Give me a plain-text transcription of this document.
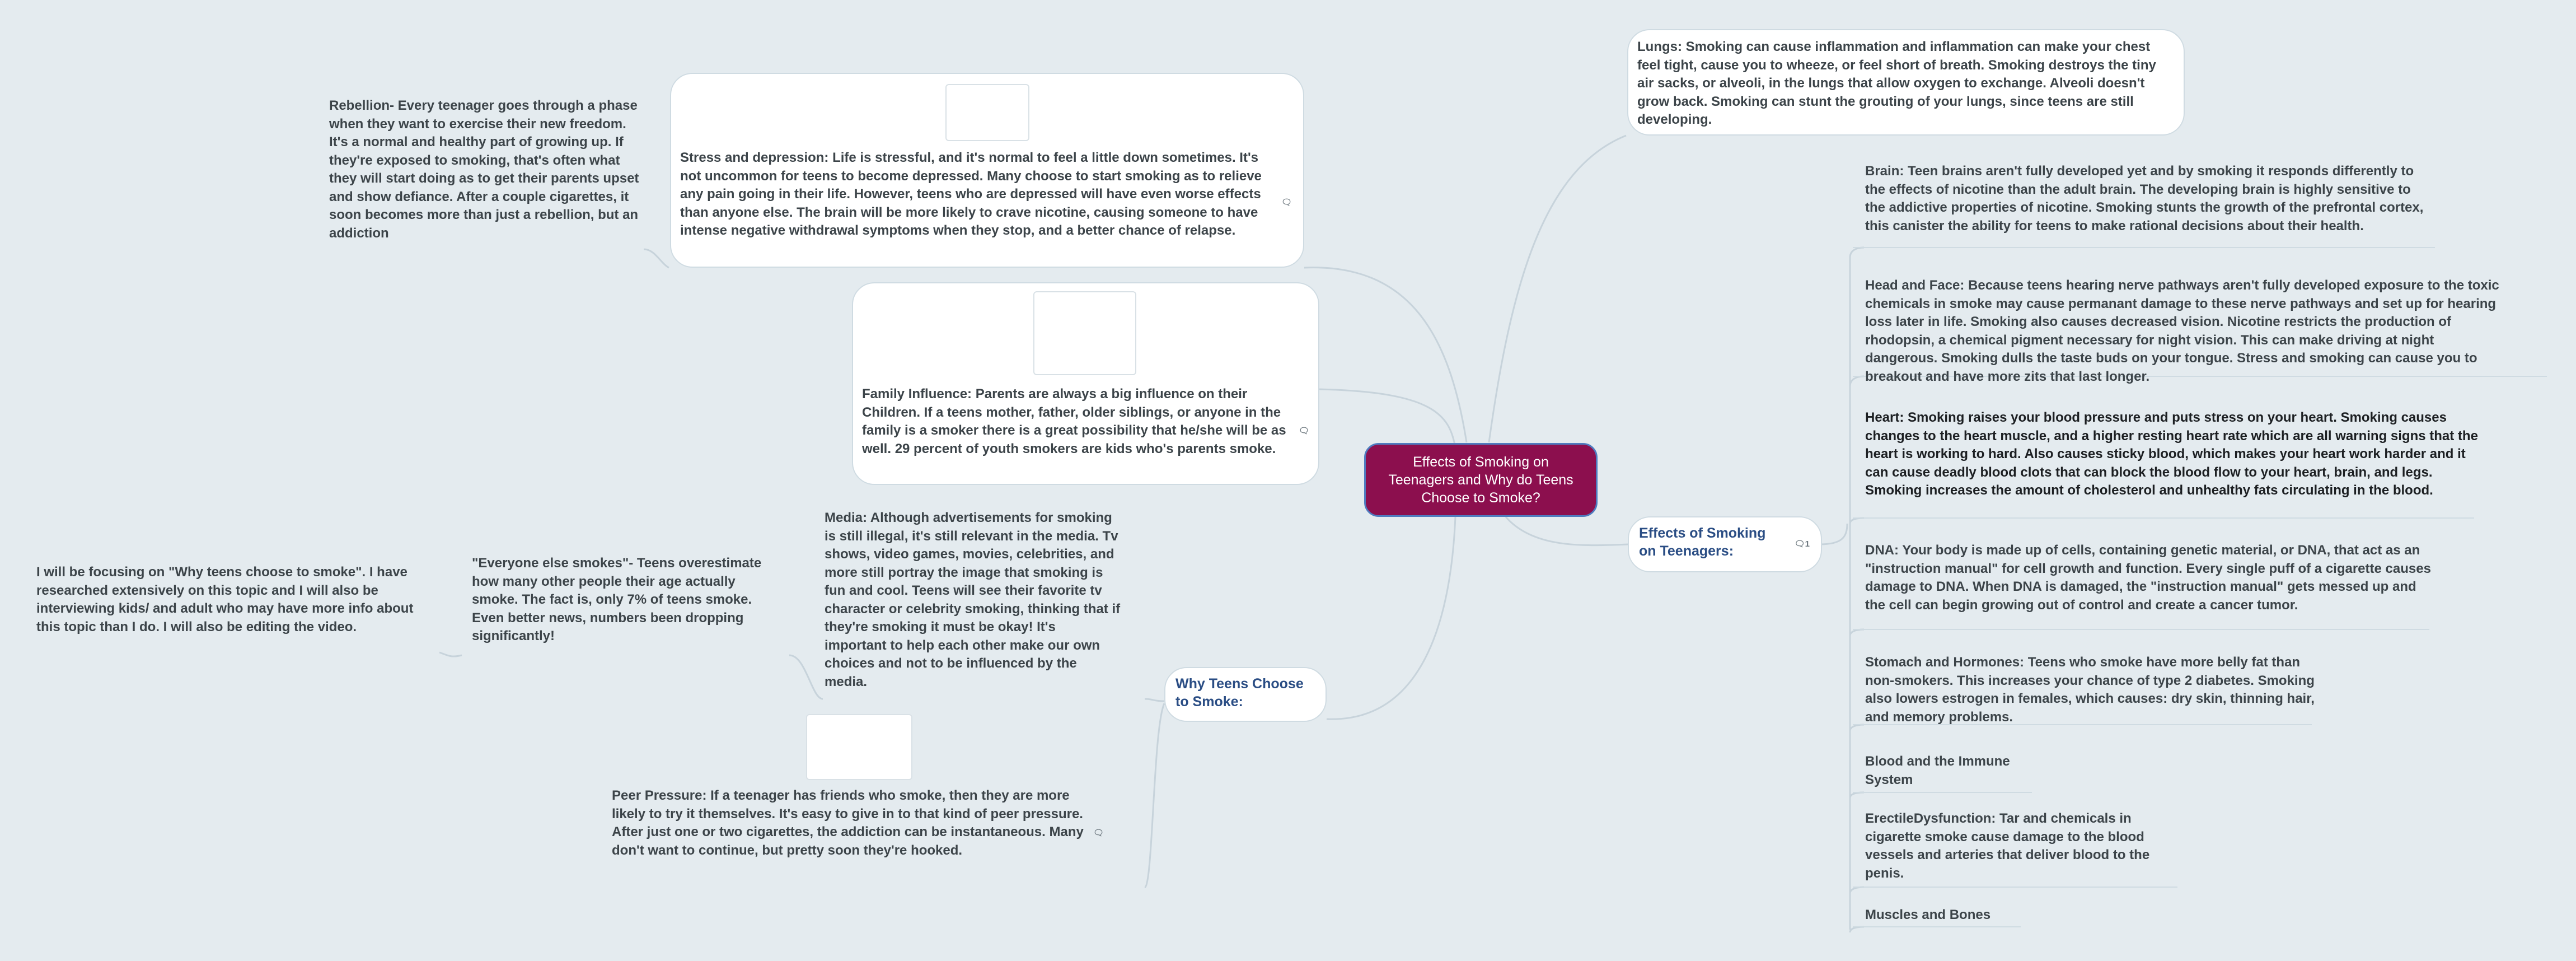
Effects of Smoking on Teenagers and Why do Teens Choose to Smoke?

Lungs: Smoking can cause inflammation and inflammation can make your chest feel tight, cause you to wheeze, or feel short of breath. Smoking destroys the tiny air sacks, or alveoli, in the lungs that allow oxygen to exchange. Alveoli doesn't grow back. Smoking can stunt the grouting of your lungs, since teens are still developing.

Effects of Smoking on Teenagers:	🗨1

Brain: Teen brains aren't fully developed yet and by smoking it responds differently to the effects of nicotine than the adult brain. The developing brain is highly sensitive to the addictive properties of nicotine. Smoking stunts the growth of the prefrontal cortex, this canister the ability for teens to make rational decisions about their health.

Head and Face: Because teens hearing nerve pathways aren't fully developed exposure to the toxic chemicals in smoke may cause permanant damage to these nerve pathways and set up for hearing loss later in life. Smoking also causes decreased vision. Nicotine restricts the production of rhodopsin, a chemical pigment necessary for night vision. This can make driving at night dangerous. Smoking dulls the taste buds on your tongue. Stress and smoking can cause you to breakout and have more zits that last longer.

Heart: Smoking raises your blood pressure and puts stress on your heart. Smoking causes changes to the heart muscle, and a higher resting heart rate which are all warning signs that the heart is working to hard. Also causes sticky blood, which makes your heart work harder and it can cause deadly blood clots that can block the blood flow to your heart, brain, and legs. Smoking increases the amount of cholesterol and unhealthy fats circulating in the blood.

DNA: Your body is made up of cells, containing genetic material, or DNA, that act as an "instruction manual" for cell growth and function. Every single puff of a cigarette causes damage to DNA. When DNA is damaged, the "instruction manual" gets messed up and the cell can begin growing out of control and create a cancer tumor.

Stomach and Hormones: Teens who smoke have more belly fat than non-smokers. This increases your chance of type 2 diabetes. Smoking also lowers estrogen in females, which causes: dry skin, thinning hair, and memory problems.

Blood and the Immune System

ErectileDysfunction: Tar and chemicals in cigarette smoke cause damage to the blood vessels and arteries that deliver blood to the penis.

Muscles and Bones

Rebellion- Every teenager goes through a phase when they want to exercise their new freedom. It's a normal and healthy part of growing up. If they're exposed to smoking, that's often what they will start doing as to get their parents upset and show defiance. After a couple cigarettes, it soon becomes more than just a rebellion, but an addiction

Stress and depression: Life is stressful, and it's normal to feel a little down sometimes. It's not uncommon for teens to become depressed. Many choose to start smoking as to relieve any pain going in their life. However, teens who are depressed will have even worse effects than anyone else. The brain will be more likely to crave nicotine, causing someone to have intense negative withdrawal symptoms when they stop, and a better chance of relapse.

🗨

Family Influence: Parents are always a big influence on their Children. If a teens mother, father, older siblings, or anyone in the family is a smoker there is a great possibility that he/she will be as well. 29 percent of youth smokers are kids who's parents smoke.

🗨
Why Teens Choose to Smoke:

Media: Although advertisements for smoking is still illegal, it's still relevant in the media. Tv shows, video games, movies, celebrities, and more still portray the image that smoking is fun and cool. Teens will see their favorite tv character or celebrity smoking, thinking that if they're smoking it must be okay! It's important to help each other make our own choices and not to be influenced by the media.

"Everyone else smokes"- Teens overestimate how many other people their age actually smoke. The fact is, only 7% of teens smoke. Even better news, numbers been dropping significantly!

I will be focusing on "Why teens choose to smoke". I have researched extensively on this topic and I will also be interviewing kids/ and adult who may have more info about this topic than I do. I will also be editing the video.

Peer Pressure: If a teenager has friends who smoke, then they are more likely to try it themselves. It's easy to give in to that kind of peer pressure. After just one or two cigarettes, the addiction can be instantaneous. Many don't want to continue, but pretty soon they're hooked.

🗨
